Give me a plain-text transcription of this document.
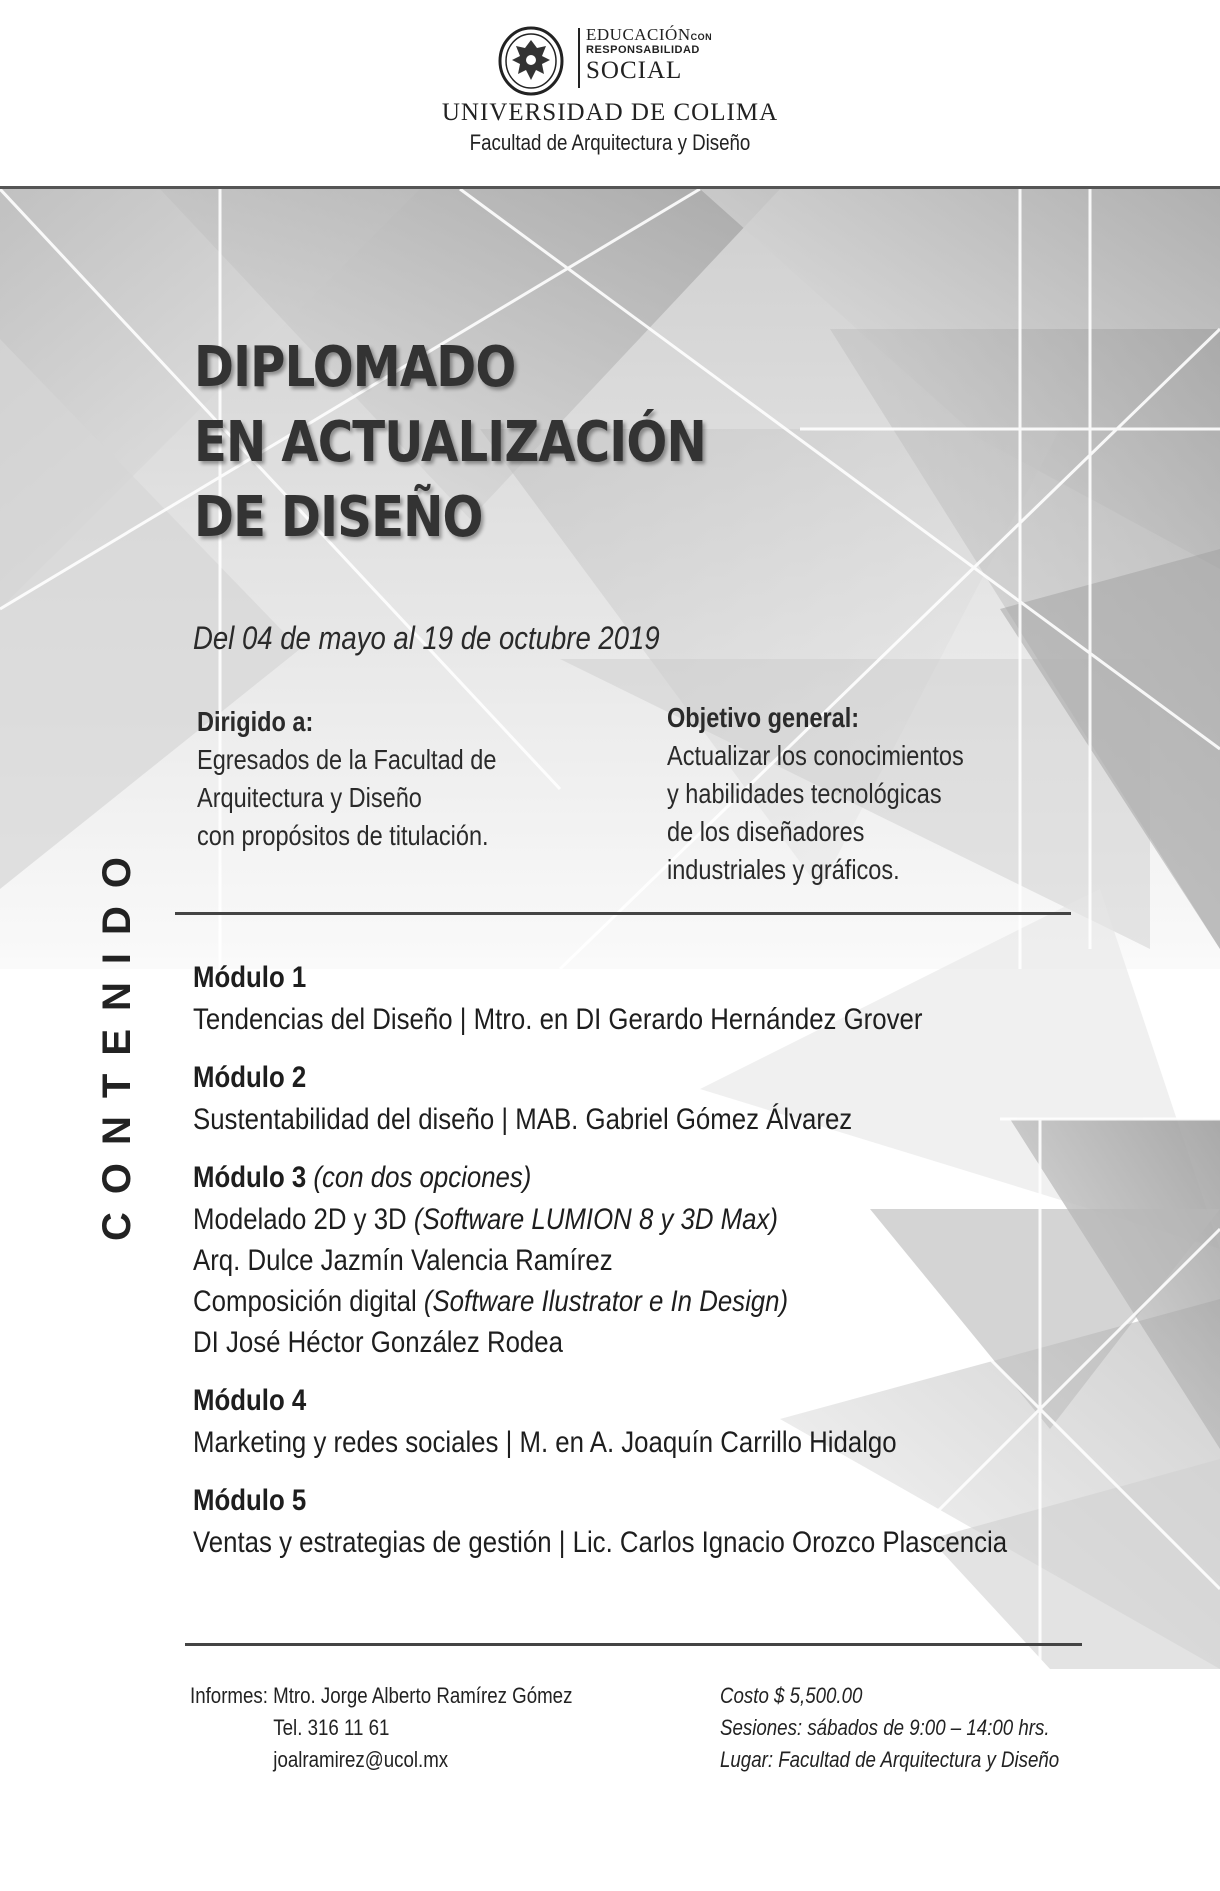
EDUCACIÓNCON
RESPONSABILIDAD
SOCIAL
UNIVERSIDAD DE COLIMA
Facultad de Arquitectura y Diseño
DIPLOMADO
EN ACTUALIZACIÓN
DE DISEÑO
Del 04 de mayo al 19 de octubre 2019
Dirigido a:
Egresados de la Facultad de
Arquitectura y Diseño
con propósitos de titulación.
Objetivo general:
Actualizar los conocimientos
y habilidades tecnológicas
de los diseñadores
industriales y gráficos.
CONTENIDO	Módulo 1
Tendencias del Diseño | Mtro. en DI Gerardo Hernández Grover
Módulo 2
Sustentabilidad del diseño | MAB. Gabriel Gómez Álvarez
Módulo 3 (con dos opciones)
Modelado 2D y 3D (Software LUMION 8 y 3D Max)
Arq. Dulce Jazmín Valencia Ramírez
Composición digital (Software Ilustrator e In Design)
DI José Héctor González Rodea
Módulo 4
Marketing y redes sociales | M. en A. Joaquín Carrillo Hidalgo
Módulo 5
Ventas y estrategias de gestión | Lic. Carlos Ignacio Orozco Plascencia
Informes: Mtro. Jorge Alberto Ramírez Gómez
Tel. 316 11 61
joalramirez@ucol.mx
Costo $ 5,500.00
Sesiones: sábados de 9:00 – 14:00 hrs.
Lugar: Facultad de Arquitectura y Diseño
